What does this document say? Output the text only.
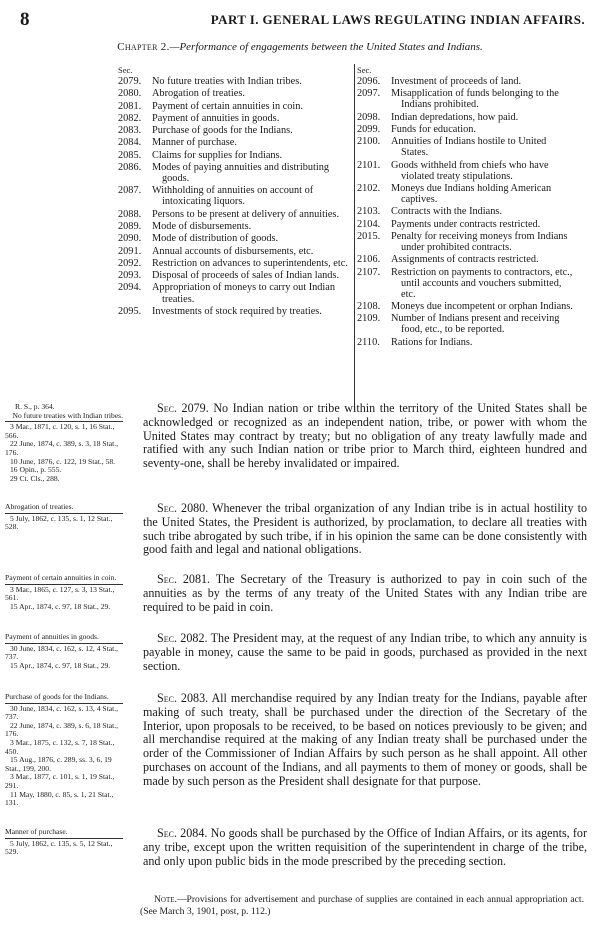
8	PART I. GENERAL LAWS REGULATING INDIAN AFFAIRS.
Chapter 2.—Performance of engagements between the United States and Indians.
Sec.
2079.	No future treaties with Indian tribes.
2080.	Abrogation of treaties.
2081.	Payment of certain annuities in coin.
2082.	Payment of annuities in goods.
2083.	Purchase of goods for the Indians.
2084.	Manner of purchase.
2085.	Claims for supplies for Indians.
2086.	Modes of paying annuities and distributing goods.
2087.	Withholding of annuities on account of intoxicating liquors.
2088.	Persons to be present at delivery of annuities.
2089.	Mode of disbursements.
2090.	Mode of distribution of goods.
2091.	Annual accounts of disbursements, etc.
2092.	Restriction on advances to superintendents, etc.
2093.	Disposal of proceeds of sales of Indian lands.
2094.	Appropriation of moneys to carry out Indian treaties.
2095.	Investments of stock required by treaties.
Sec.
2096.	Investment of proceeds of land.
2097.	Misapplication of funds belonging to the Indians prohibited.
2098.	Indian depredations, how paid.
2099.	Funds for education.
2100.	Annuities of Indians hostile to United States.
2101.	Goods withheld from chiefs who have violated treaty stipulations.
2102.	Moneys due Indians holding American captives.
2103.	Contracts with the Indians.
2104.	Payments under contracts restricted.
2015.	Penalty for receiving moneys from Indians under prohibited contracts.
2106.	Assignments of contracts restricted.
2107.	Restriction on payments to contractors, etc., until accounts and vouchers submitted, etc.
2108.	Moneys due incompetent or orphan Indians.
2109.	Number of Indians present and receiving food, etc., to be reported.
2110.	Rations for Indians.
R. S., p. 364.
No future treaties with Indian tribes.
3 Mar., 1871, c. 120, s. 1, 16 Stat., 566.
22 June, 1874, c. 389, s. 3, 18 Stat., 176.
10 June, 1876, c. 122, 19 Stat., 58.
16 Opin., p. 555.
29 Ct. Cls., 288.
Sec. 2079. No Indian nation or tribe within the territory of the United States shall be acknowledged or recognized as an independent nation, tribe, or power with whom the United States may contract by treaty; but no obligation of any treaty lawfully made and ratified with any such Indian nation or tribe prior to March third, eighteen hundred and seventy-one, shall be hereby invalidated or impaired.
Abrogation of treaties.
5 July, 1862, c. 135, s. 1, 12 Stat., 528.
Sec. 2080. Whenever the tribal organization of any Indian tribe is in actual hostility to the United States, the President is authorized, by proclamation, to declare all treaties with such tribe abrogated by such tribe, if in his opinion the same can be done consistently with good faith and legal and national obligations.
Payment of certain annuities in coin.
3 Mar., 1865, c. 127, s. 3, 13 Stat., 561.
15 Apr., 1874, c. 97, 18 Stat., 29.
Sec. 2081. The Secretary of the Treasury is authorized to pay in coin such of the annuities as by the terms of any treaty of the United States with any Indian tribe are required to be paid in coin.
Payment of annuities in goods.
30 June, 1834, c. 162, s. 12, 4 Stat., 737.
15 Apr., 1874, c. 97, 18 Stat., 29.
Sec. 2082. The President may, at the request of any Indian tribe, to which any annuity is payable in money, cause the same to be paid in goods, purchased as provided in the next section.
Purchase of goods for the Indians.
30 June, 1834, c. 162, s. 13, 4 Stat., 737.
22 June, 1874, c. 389, s. 6, 18 Stat., 176.
3 Mar., 1875, c. 132, s. 7, 18 Stat., 450.
15 Aug., 1876, c. 289, ss. 3, 6, 19 Stat., 199, 200.
3 Mar., 1877, c. 101, s. 1, 19 Stat., 291.
11 May, 1880, c. 85, s. 1, 21 Stat., 131.
Sec. 2083. All merchandise required by any Indian treaty for the Indians, payable after making of such treaty, shall be purchased under the direction of the Secretary of the Interior, upon proposals to be received, to be based on notices previously to be given; and all merchandise required at the making of any Indian treaty shall be purchased under the order of the Commissioner of Indian Affairs by such person as he shall appoint. All other purchases on account of the Indians, and all payments to them of money or goods, shall be made by such person as the President shall designate for that purpose.
Manner of purchase.
5 July, 1862, c. 135, s. 5, 12 Stat., 529.
Sec. 2084. No goods shall be purchased by the Office of Indian Affairs, or its agents, for any tribe, except upon the written requisition of the superintendent in charge of the tribe, and only upon public bids in the mode prescribed by the preceding section.
Note.—Provisions for advertisement and purchase of supplies are contained in each annual appropriation act. (See March 3, 1901, post, p. 112.)
